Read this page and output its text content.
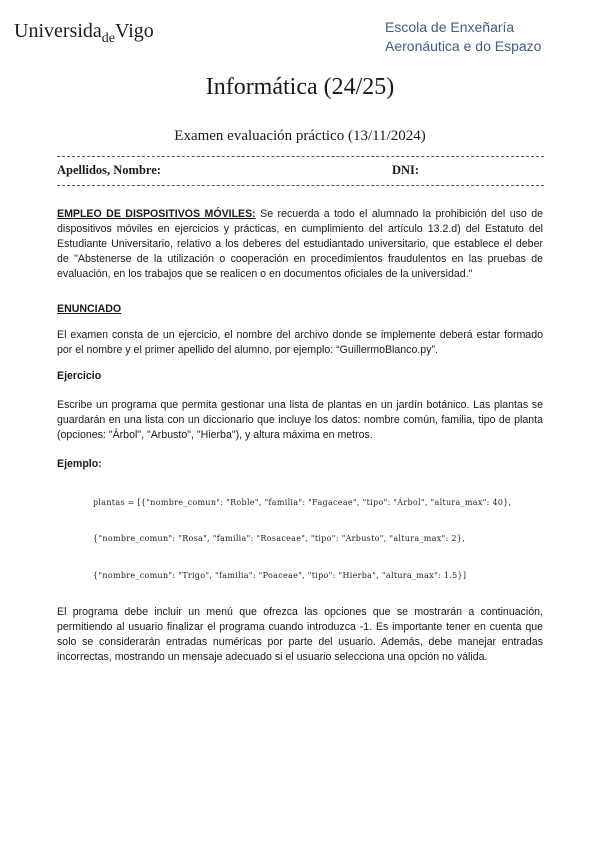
Universida$_{de}$Vigo	Escola de Enxeñaría
Aeronáutica e do Espazo
Informática (24/25)
Examen evaluación práctico (13/11/2024)
Apellidos, Nombre:	DNI:
EMPLEO DE DISPOSITIVOS MÓVILES: Se recuerda a todo el alumnado la prohibición del uso de dispositivos móviles en ejercicios y prácticas, en cumplimiento del artículo 13.2.d) del Estatuto del Estudiante Universitario, relativo a los deberes del estudiantado universitario, que establece el deber de "Abstenerse de la utilización o cooperación en procedimientos fraudulentos en las pruebas de evaluación, en los trabajos que se realicen o en documentos oficiales de la universidad."
ENUNCIADO
El examen consta de un ejercicio, el nombre del archivo donde se implemente deberá estar formado por el nombre y el primer apellido del alumno, por ejemplo: “GuillermoBlanco.py”.
Ejercicio
Escribe un programa que permita gestionar una lista de plantas en un jardín botánico. Las plantas se guardarán en una lista con un diccionario que incluye los datos: nombre común, familia, tipo de planta (opciones: "Árbol", "Arbusto", "Hierba"), y altura máxima en metros.
Ejemplo:
plantas = [{"nombre_comun": "Roble", "familia": "Fagaceae", "tipo": "Árbol", "altura_max": 40},
{"nombre_comun": "Rosa", "familia": "Rosaceae", "tipo": "Arbusto", "altura_max": 2},
{"nombre_comun": "Trigo", "familia": "Poaceae", "tipo": "Hierba", "altura_max": 1.5}]
El programa debe incluir un menú que ofrezca las opciones que se mostrarán a continuación, permitiendo al usuario finalizar el programa cuando introduzca -1. Es importante tener en cuenta que solo se considerarán entradas numéricas por parte del usuario. Además, debe manejar entradas incorrectas, mostrando un mensaje adecuado si el usuario selecciona una opción no válida.
